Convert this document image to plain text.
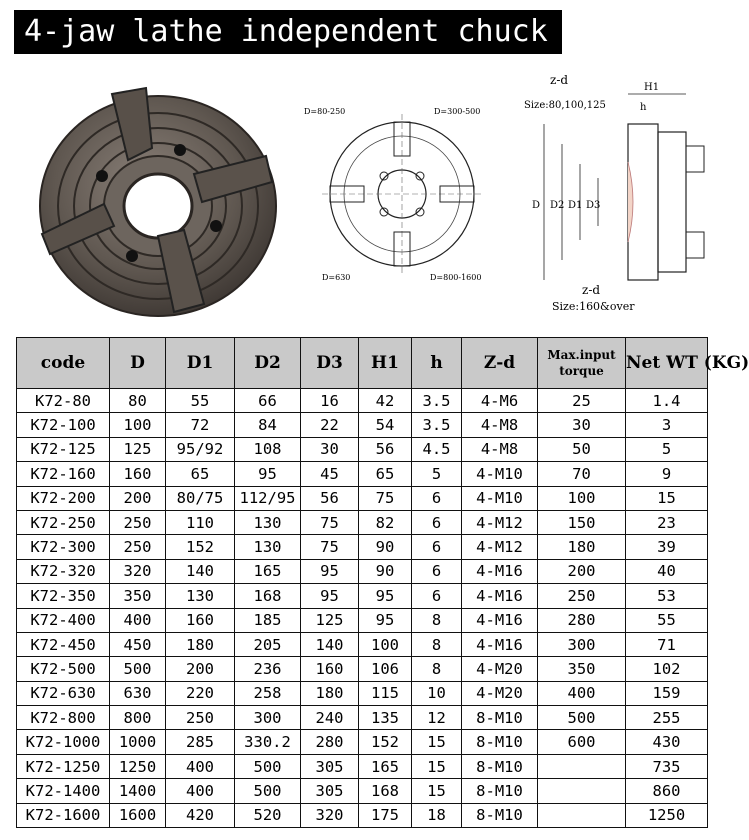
4-jaw lathe independent chuck
D=80-250	D=300-500
D=630	D=800-1600
z-d
Size:80,100,125
H1
h
D D2 D1 D3
z-d
Size:160&over
code	D	D1	D2	D3	H1	h	Z-d	Max.input torque	Net WT (KG)
K72-80	80	55	66	16	42	3.5	4-M6	25	1.4
K72-100	100	72	84	22	54	3.5	4-M8	30	3
K72-125	125	95/92	108	30	56	4.5	4-M8	50	5
K72-160	160	65	95	45	65	5	4-M10	70	9
K72-200	200	80/75	112/95	56	75	6	4-M10	100	15
K72-250	250	110	130	75	82	6	4-M12	150	23
K72-300	250	152	130	75	90	6	4-M12	180	39
K72-320	320	140	165	95	90	6	4-M16	200	40
K72-350	350	130	168	95	95	6	4-M16	250	53
K72-400	400	160	185	125	95	8	4-M16	280	55
K72-450	450	180	205	140	100	8	4-M16	300	71
K72-500	500	200	236	160	106	8	4-M20	350	102
K72-630	630	220	258	180	115	10	4-M20	400	159
K72-800	800	250	300	240	135	12	8-M10	500	255
K72-1000	1000	285	330.2	280	152	15	8-M10	600	430
K72-1250	1250	400	500	305	165	15	8-M10		735
K72-1400	1400	400	500	305	168	15	8-M10		860
K72-1600	1600	420	520	320	175	18	8-M10		1250
